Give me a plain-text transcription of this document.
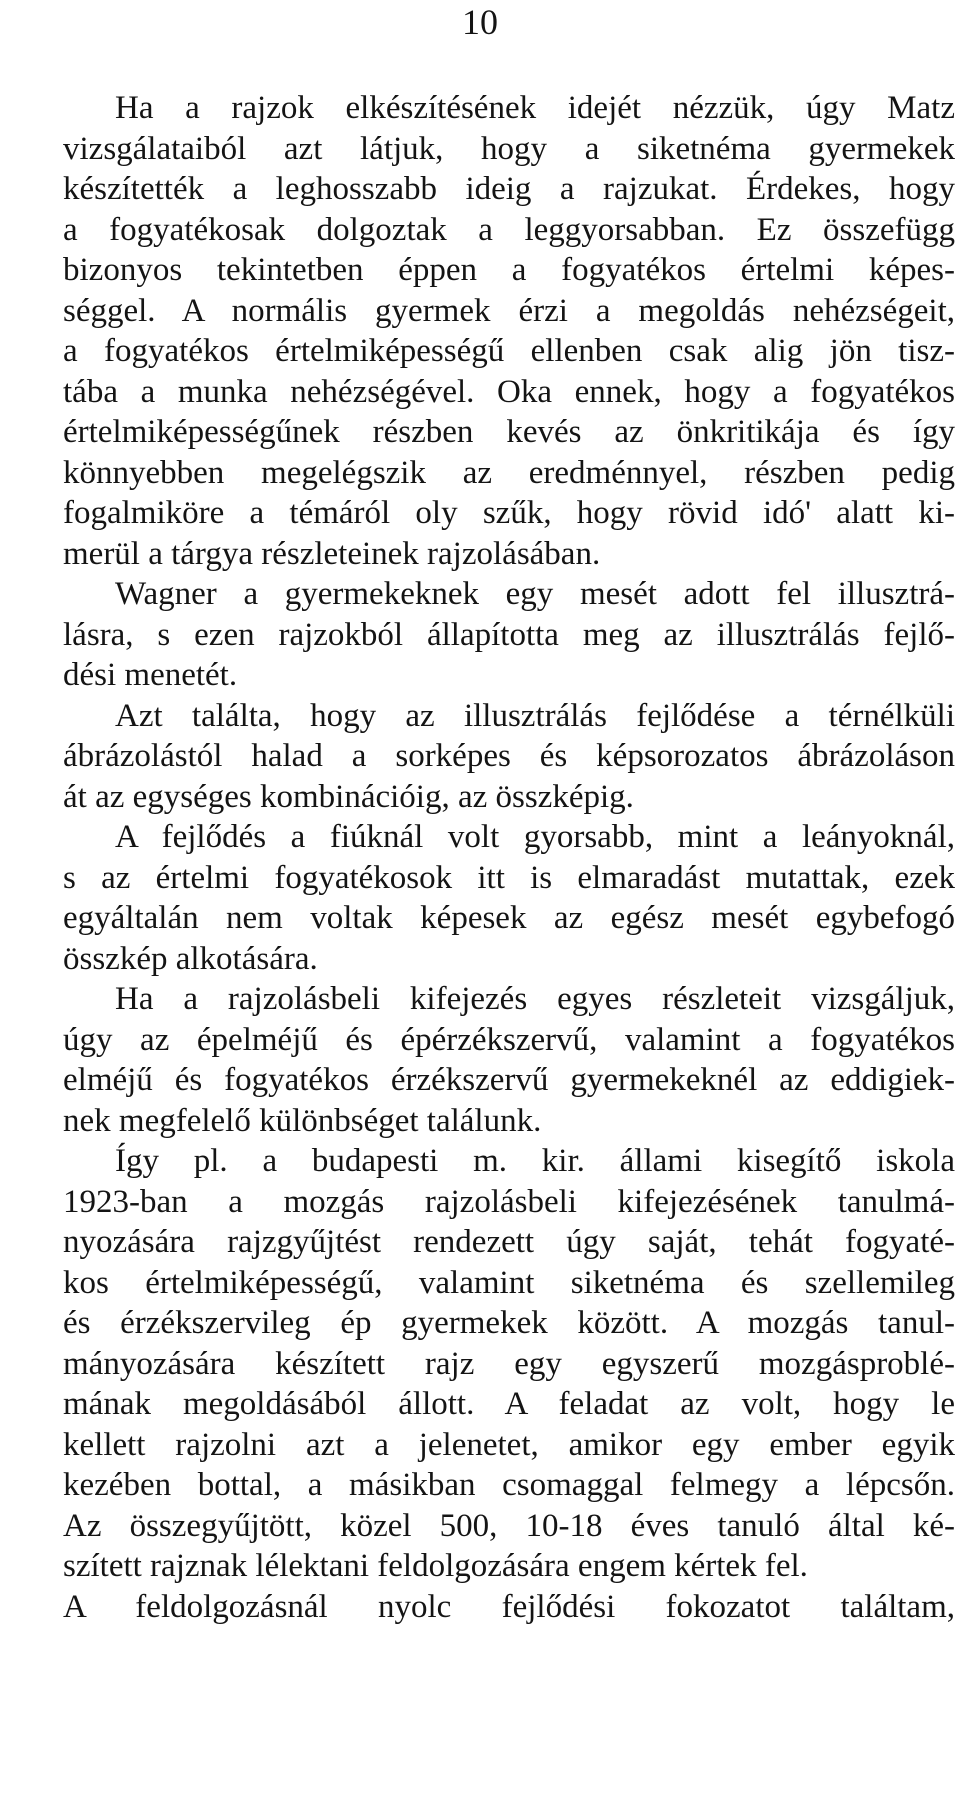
10
Ha a rajzok elkészítésének idejét nézzük, úgy Matz
vizsgálataiból azt látjuk, hogy a siketnéma gyermekek
készítették a leghosszabb ideig a rajzukat. Érdekes, hogy
a fogyatékosak dolgoztak a leggyorsabban. Ez összefügg
bizonyos tekintetben éppen a fogyatékos értelmi képes-
séggel. A normális gyermek érzi a megoldás nehézségeit,
a fogyatékos értelmiképességű ellenben csak alig jön tisz-
tába a munka nehézségével. Oka ennek, hogy a fogyatékos
értelmiképességűnek részben kevés az önkritikája és így
könnyebben megelégszik az eredménnyel, részben pedig
fogalmiköre a témáról oly szűk, hogy rövid idó' alatt ki-
merül a tárgya részleteinek rajzolásában.
Wagner a gyermekeknek egy mesét adott fel illusztrá-
lásra, s ezen rajzokból állapította meg az illusztrálás fejlő-
dési menetét.
Azt találta, hogy az illusztrálás fejlődése a térnélküli
ábrázolástól halad a sorképes és képsorozatos ábrázoláson
át az egységes kombinációig, az összképig.
A fejlődés a fiúknál volt gyorsabb, mint a leányoknál,
s az értelmi fogyatékosok itt is elmaradást mutattak, ezek
egyáltalán nem voltak képesek az egész mesét egybefogó
összkép alkotására.
Ha a rajzolásbeli kifejezés egyes részleteit vizsgáljuk,
úgy az épelméjű és épérzékszervű, valamint a fogyatékos
elméjű és fogyatékos érzékszervű gyermekeknél az eddigiek-
nek megfelelő különbséget találunk.
Így pl. a budapesti m. kir. állami kisegítő iskola
1923-ban a mozgás rajzolásbeli kifejezésének tanulmá-
nyozására rajzgyűjtést rendezett úgy saját, tehát fogyaté-
kos értelmiképességű, valamint siketnéma és szellemileg
és érzékszervileg ép gyermekek között. A mozgás tanul-
mányozására készített rajz egy egyszerű mozgásproblé-
mának megoldásából állott. A feladat az volt, hogy le
kellett rajzolni azt a jelenetet, amikor egy ember egyik
kezében bottal, a másikban csomaggal felmegy a lépcsőn.
Az összegyűjtött, közel 500, 10-18 éves tanuló által ké-
szített rajznak lélektani feldolgozására engem kértek fel.
A feldolgozásnál nyolc fejlődési fokozatot találtam,
